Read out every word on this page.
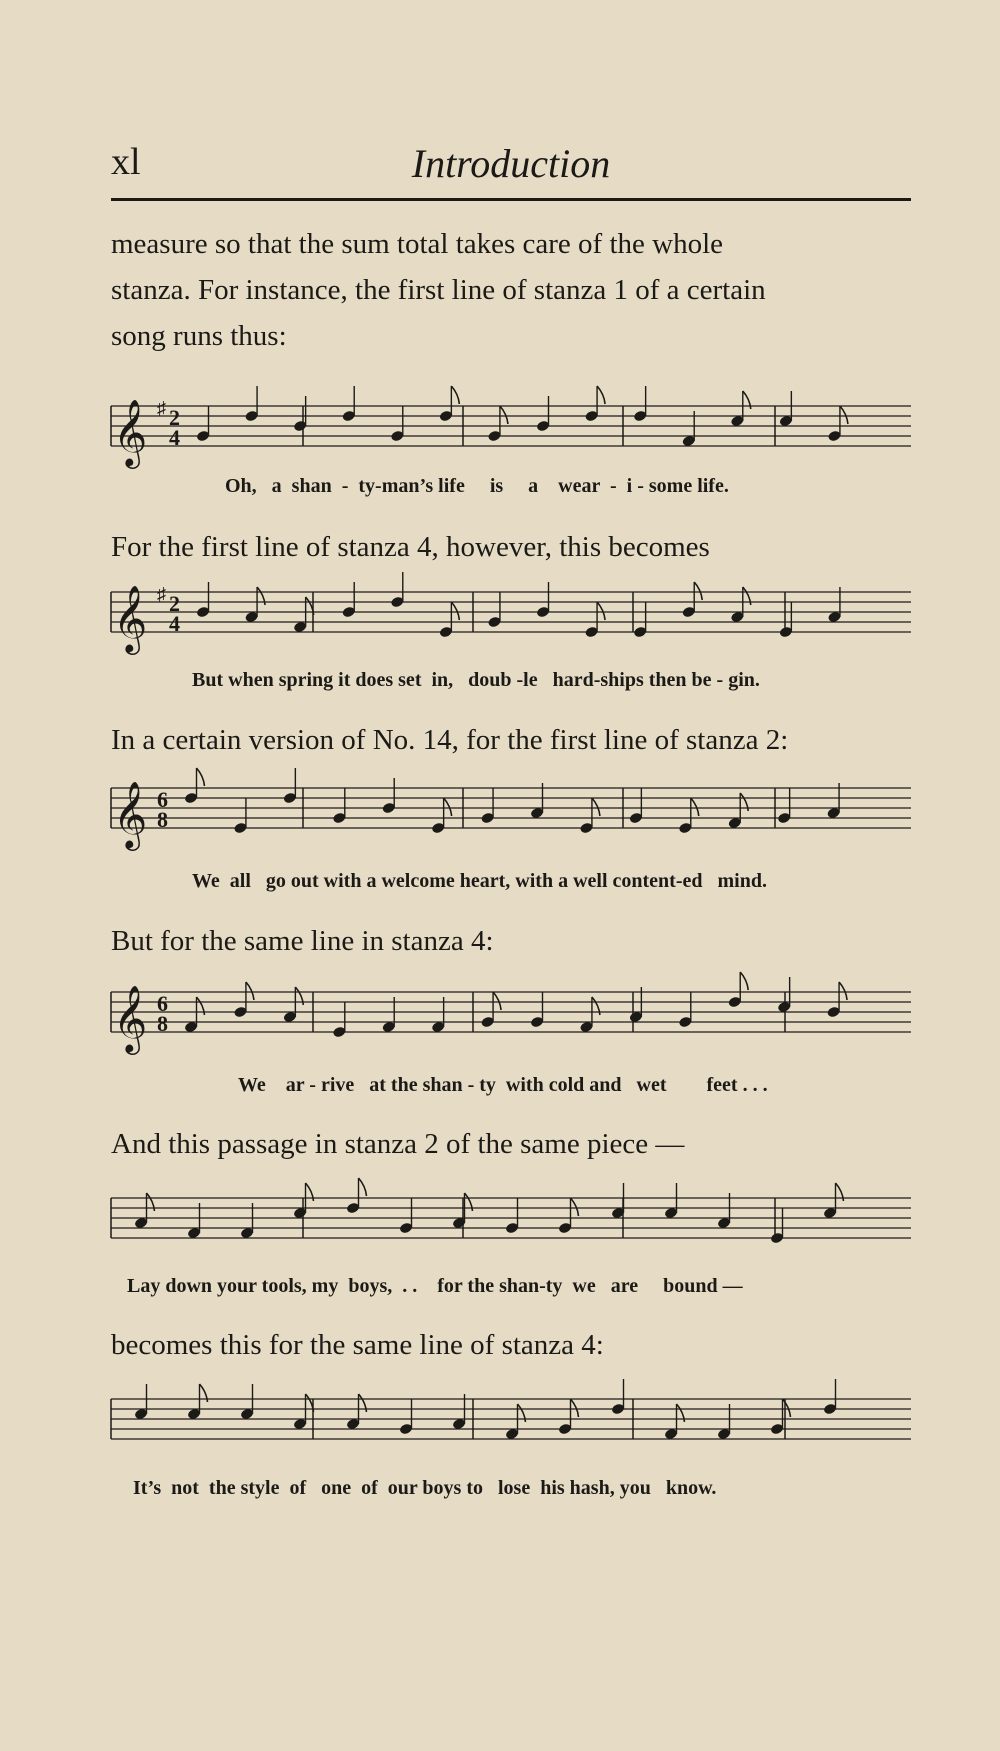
xl	Introduction
measure so that the sum total takes care of the whole
stanza. For instance, the first line of stanza 1 of a certain
song runs thus:
𝄞 ♯ 2
4
Oh,   a  shan  -  ty-man’s life     is     a    wear  -  i - some life.
For the first line of stanza 4, however, this becomes
𝄞 ♯ 2
4
But when spring it does set  in,   doub -le   hard-ships then be - gin.
In a certain version of No. 14, for the first line of stanza 2:
𝄞 6
8
We  all   go out with a welcome heart, with a well content-ed   mind.
But for the same line in stanza 4:
𝄞 6
8
We    ar - rive   at the shan - ty  with cold and   wet        feet . . .
And this passage in stanza 2 of the same piece —
Lay down your tools, my  boys,  . .    for the shan-ty  we   are     bound —
becomes this for the same line of stanza 4:
It’s  not  the style  of   one  of  our boys to   lose  his hash, you   know.
